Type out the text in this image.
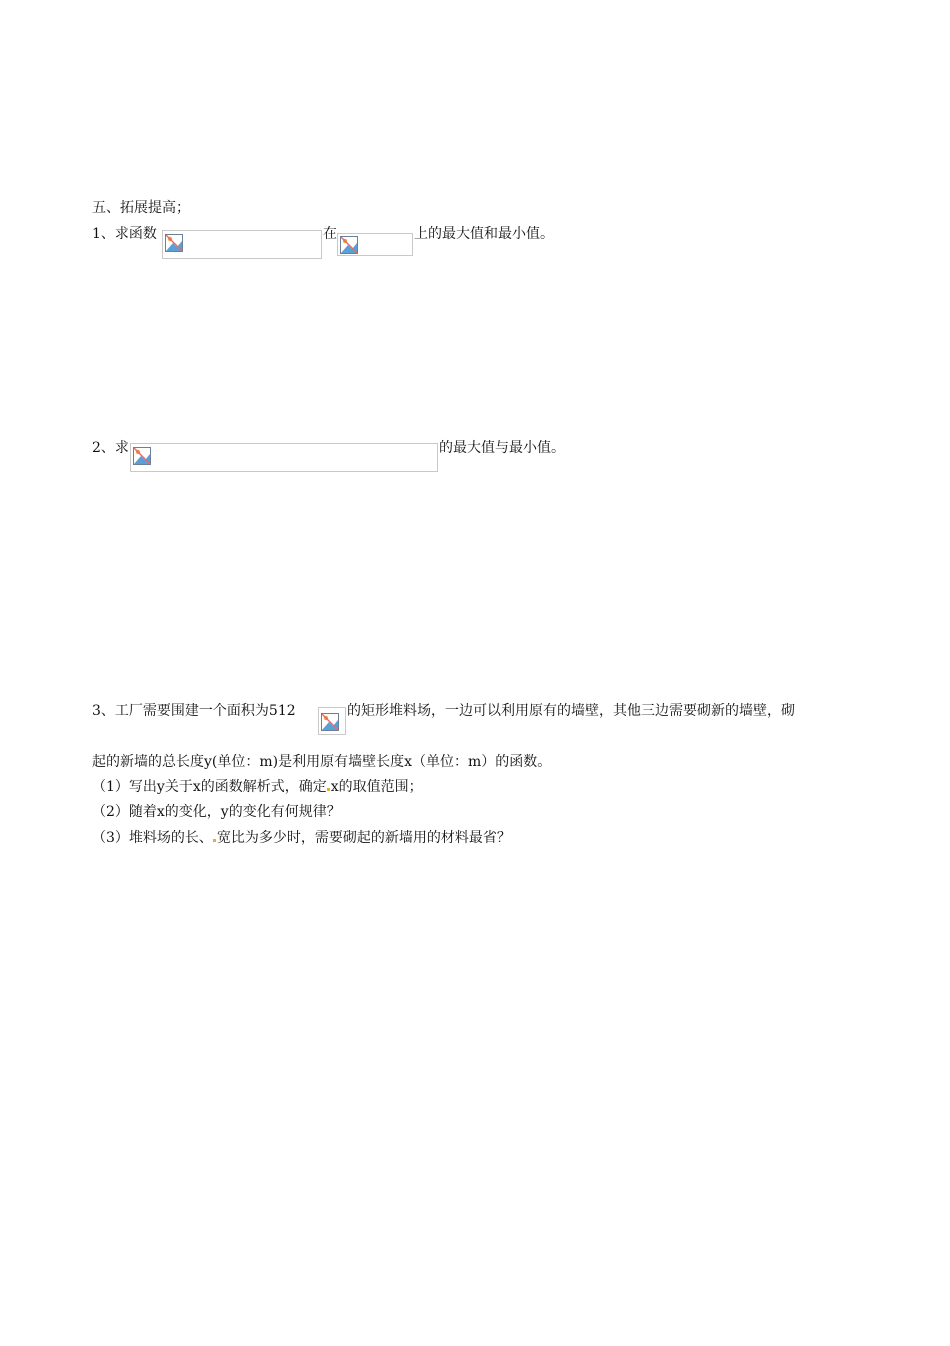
五、拓展提高；
1、求函数	在	上的最大值和最小值。
2、求	的最大值与最小值。
3、工厂需要围建一个面积为512	的矩形堆料场，一边可以利用原有的墙壁，其他三边需要砌新的墙壁，砌
起的新墙的总长度y(单位：m)是利用原有墙壁长度x（单位：m）的函数。
（1）写出y关于x的函数解析式，确定 x的取值范围；
（2）随着x的变化，y的变化有何规律？
（3）堆料场的长、 宽比为多少时，需要砌起的新墙用的材料最省？
